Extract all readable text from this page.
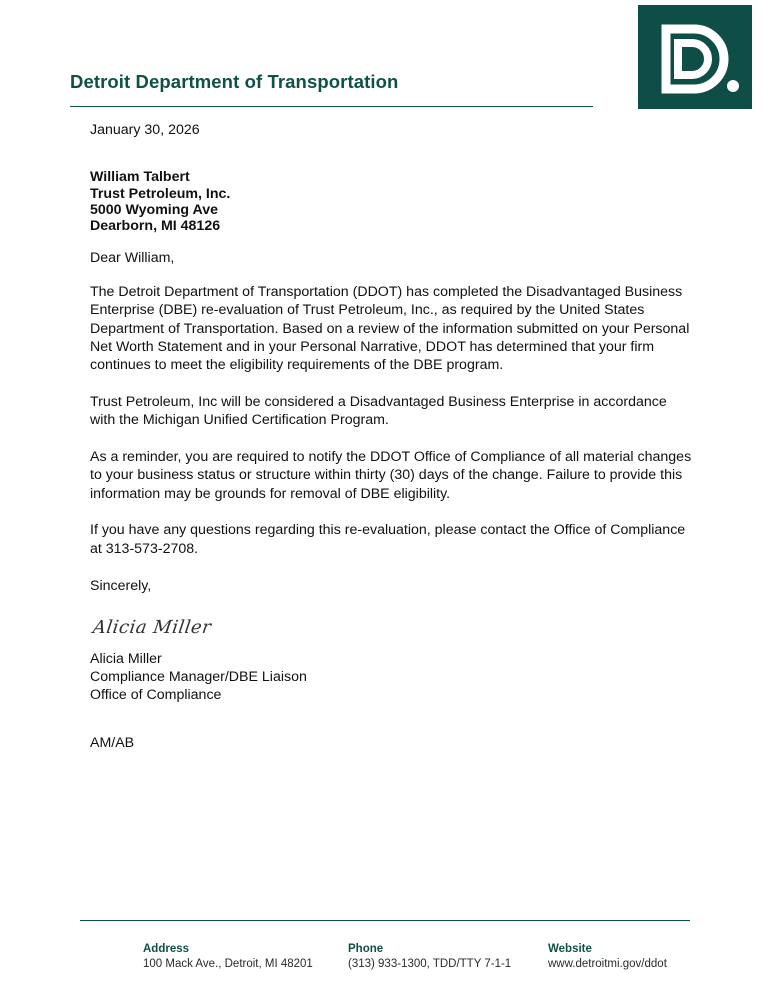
Detroit Department of Transportation
January 30, 2026
William Talbert
Trust Petroleum, Inc.
5000 Wyoming Ave
Dearborn, MI 48126
Dear William,
The Detroit Department of Transportation (DDOT) has completed the Disadvantaged Business
Enterprise (DBE) re-evaluation of Trust Petroleum, Inc., as required by the United States
Department of Transportation. Based on a review of the information submitted on your Personal
Net Worth Statement and in your Personal Narrative, DDOT has determined that your firm
continues to meet the eligibility requirements of the DBE program.
Trust Petroleum, Inc will be considered a Disadvantaged Business Enterprise in accordance
with the Michigan Unified Certification Program.
As a reminder, you are required to notify the DDOT Office of Compliance of all material changes
to your business status or structure within thirty (30) days of the change. Failure to provide this
information may be grounds for removal of DBE eligibility.
If you have any questions regarding this re-evaluation, please contact the Office of Compliance
at 313-573-2708.
Sincerely,
Alicia Miller
Alicia Miller
Compliance Manager/DBE Liaison
Office of Compliance
AM/AB
Address
100 Mack Ave., Detroit, MI 48201
Phone
(313) 933-1300, TDD/TTY 7-1-1
Website
www.detroitmi.gov/ddot
